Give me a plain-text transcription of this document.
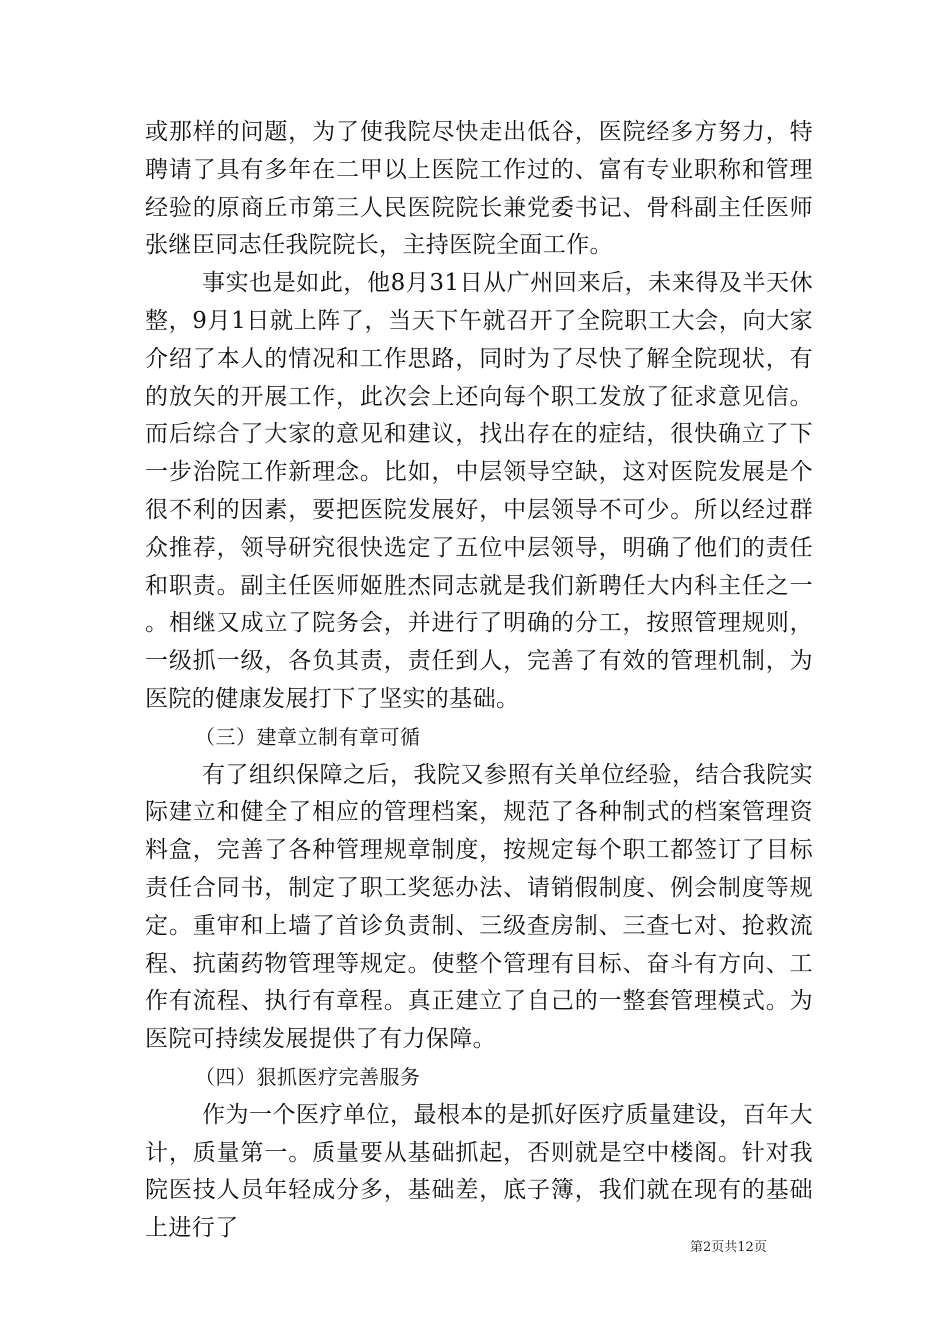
或那样的问题，为了使我院尽快走出低谷，医院经多方努力，特聘请了具有多年在二甲以上医院工作过的、富有专业职称和管理经验的原商丘市第三人民医院院长兼党委书记、骨科副主任医师张继臣同志任我院院长，主持医院全面工作。

事实也是如此，他8月31日从广州回来后，未来得及半天休整，9月1日就上阵了，当天下午就召开了全院职工大会，向大家介绍了本人的情况和工作思路，同时为了尽快了解全院现状，有的放矢的开展工作，此次会上还向每个职工发放了征求意见信。而后综合了大家的意见和建议，找出存在的症结，很快确立了下一步治院工作新理念。比如，中层领导空缺，这对医院发展是个很不利的因素，要把医院发展好，中层领导不可少。所以经过群众推荐，领导研究很快选定了五位中层领导，明确了他们的责任和职责。副主任医师姬胜杰同志就是我们新聘任大内科主任之一。相继又成立了院务会，并进行了明确的分工，按照管理规则，一级抓一级，各负其责，责任到人，完善了有效的管理机制，为医院的健康发展打下了坚实的基础。

（三）建章立制有章可循

有了组织保障之后，我院又参照有关单位经验，结合我院实际建立和健全了相应的管理档案，规范了各种制式的档案管理资料盒，完善了各种管理规章制度，按规定每个职工都签订了目标责任合同书，制定了职工奖惩办法、请销假制度、例会制度等规定。重审和上墙了首诊负责制、三级查房制、三查七对、抢救流程、抗菌药物管理等规定。使整个管理有目标、奋斗有方向、工作有流程、执行有章程。真正建立了自己的一整套管理模式。为医院可持续发展提供了有力保障。

（四）狠抓医疗完善服务

作为一个医疗单位，最根本的是抓好医疗质量建设，百年大计，质量第一。质量要从基础抓起，否则就是空中楼阁。针对我院医技人员年轻成分多，基础差，底子簿，我们就在现有的基础上进行了

第2页共12页
